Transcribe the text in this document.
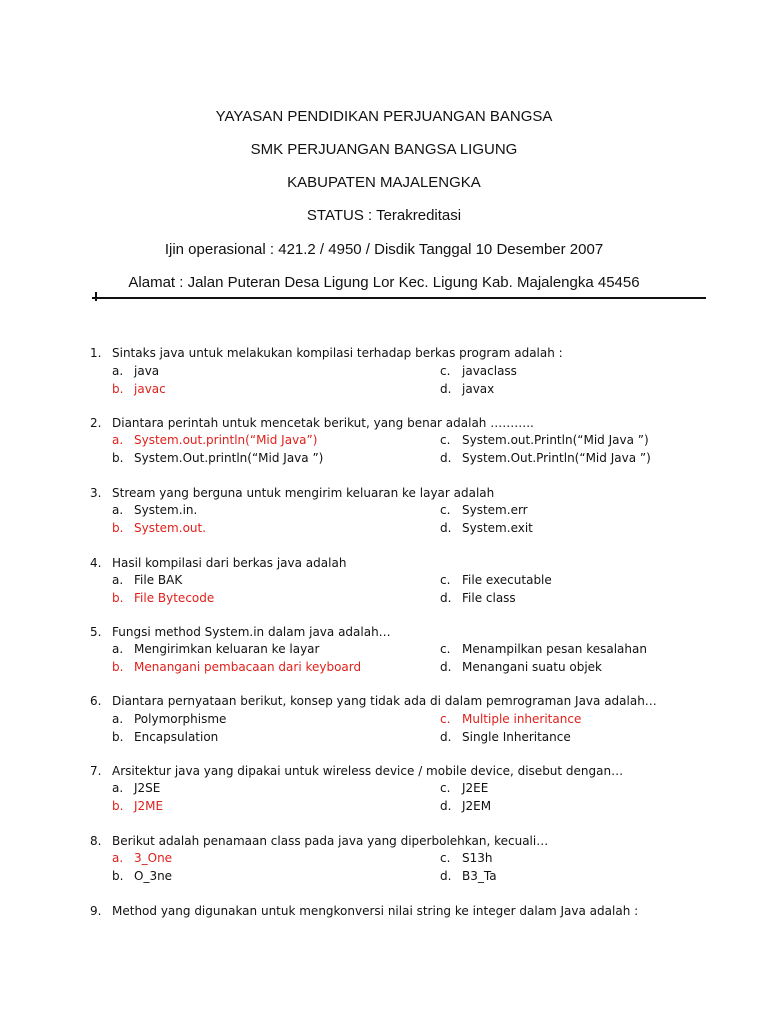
YAYASAN PENDIDIKAN PERJUANGAN BANGSA
SMK PERJUANGAN BANGSA LIGUNG
KABUPATEN MAJALENGKA
STATUS : Terakreditasi
Ijin operasional : 421.2 / 4950 / Disdik Tanggal 10 Desember 2007
Alamat : Jalan Puteran Desa Ligung Lor Kec. Ligung Kab. Majalengka 45456
1. Sintaks java untuk melakukan kompilasi terhadap berkas program adalah :
a. java
b. javac
c. javaclass
d. javax
2. Diantara perintah untuk mencetak berikut, yang benar adalah ………..
a. System.out.println(“Mid Java”)
b. System.Out.println(“Mid Java ”)
c. System.out.Println(“Mid Java ”)
d. System.Out.Println(“Mid Java ”)
3. Stream yang berguna untuk mengirim keluaran ke layar adalah
a. System.in.
b. System.out.
c. System.err
d. System.exit
4. Hasil kompilasi dari berkas java adalah
a. File BAK
b. File Bytecode
c. File executable
d. File class
5. Fungsi method System.in dalam java adalah…
a. Mengirimkan keluaran ke layar
b. Menangani pembacaan dari keyboard
c. Menampilkan pesan kesalahan
d. Menangani suatu objek
6. Diantara pernyataan berikut, konsep yang tidak ada di dalam pemrograman Java adalah…
a. Polymorphisme
b. Encapsulation
c. Multiple inheritance
d. Single Inheritance
7. Arsitektur java yang dipakai untuk wireless device / mobile device, disebut dengan…
a. J2SE
b. J2ME
c. J2EE
d. J2EM
8. Berikut adalah penamaan class pada java yang diperbolehkan, kecuali…
a. 3_One
b. O_3ne
c. S13h
d. B3_Ta
9. Method yang digunakan untuk mengkonversi nilai string ke integer dalam Java adalah :
